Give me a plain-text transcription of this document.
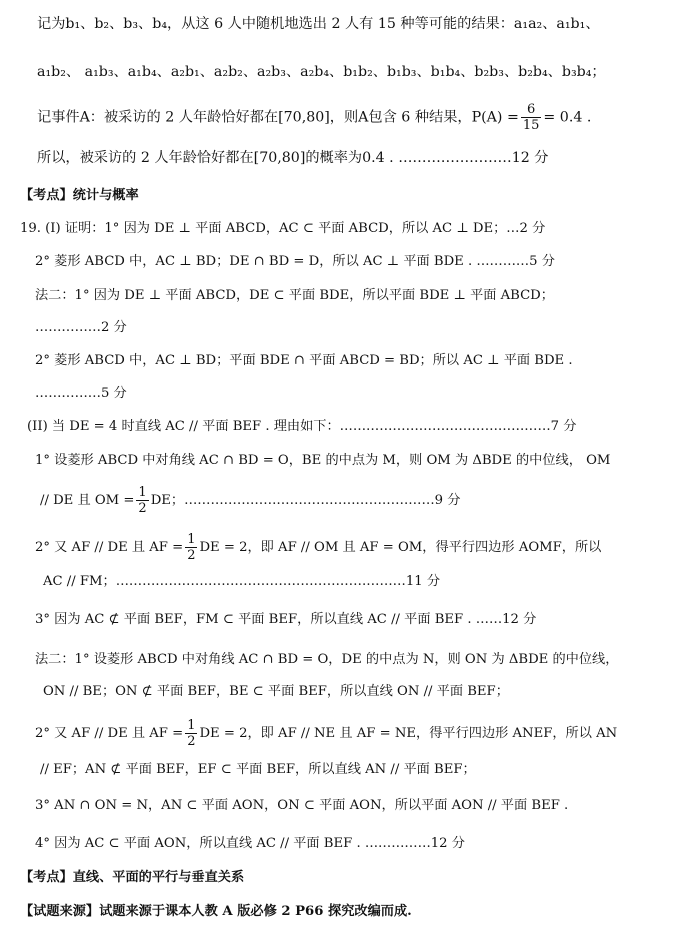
记为b₁、b₂、b₃、b₄，从这 6 人中随机地选出 2 人有 15 种等可能的结果：a₁a₂、a₁b₁、
a₁b₂、 a₁b₃、a₁b₄、a₂b₁、a₂b₂、a₂b₃、a₂b₄、b₁b₂、b₁b₃、b₁b₄、b₂b₃、b₂b₄、b₃b₄；
记事件A：被采访的 2 人年龄恰好都在[70,80]，则A包含 6 种结果，$P(A) = \frac{6}{15} = 0.4$ .
所以，被采访的 2 人年龄恰好都在[70,80]的概率为0.4 . ……………………12 分
【考点】统计与概率
19. (I) 证明：1° 因为 DE ⊥ 平面 ABCD，AC ⊂ 平面 ABCD，所以 AC ⊥ DE；…2 分
2° 菱形 ABCD 中，AC ⊥ BD；DE ∩ BD = D，所以 AC ⊥ 平面 BDE . …………5 分
法二：1° 因为 DE ⊥ 平面 ABCD，DE ⊂ 平面 BDE，所以平面 BDE ⊥ 平面 ABCD；
……………2 分
2° 菱形 ABCD 中，AC ⊥ BD；平面 BDE ∩ 平面 ABCD = BD；所以 AC ⊥ 平面 BDE .
……………5 分
(II) 当 DE = 4 时直线 AC // 平面 BEF . 理由如下：…………………………………………7 分
1° 设菱形 ABCD 中对角线 AC ∩ BD = O，BE 的中点为 M，则 OM 为 ΔBDE 的中位线， OM
// DE 且 OM = $\frac{1}{2}$ DE；…………………………………………………9 分
2° 又 AF // DE 且 AF = $\frac{1}{2}$ DE = 2，即 AF // OM 且 AF = OM，得平行四边形 AOMF，所以
AC // FM；…………………………………………………………11 分
3° 因为 AC ⊄ 平面 BEF，FM ⊂ 平面 BEF，所以直线 AC // 平面 BEF . ……12 分
法二：1° 设菱形 ABCD 中对角线 AC ∩ BD = O，DE 的中点为 N，则 ON 为 ΔBDE 的中位线，
ON // BE；ON ⊄ 平面 BEF，BE ⊂ 平面 BEF，所以直线 ON // 平面 BEF；
2° 又 AF // DE 且 AF = $\frac{1}{2}$ DE = 2，即 AF // NE 且 AF = NE，得平行四边形 ANEF，所以 AN
// EF；AN ⊄ 平面 BEF，EF ⊂ 平面 BEF，所以直线 AN // 平面 BEF；
3° AN ∩ ON = N，AN ⊂ 平面 AON，ON ⊂ 平面 AON，所以平面 AON // 平面 BEF .
4° 因为 AC ⊂ 平面 AON，所以直线 AC // 平面 BEF . ……………12 分
【考点】直线、平面的平行与垂直关系
【试题来源】试题来源于课本人教 A 版必修 2 P66 探究改编而成.
